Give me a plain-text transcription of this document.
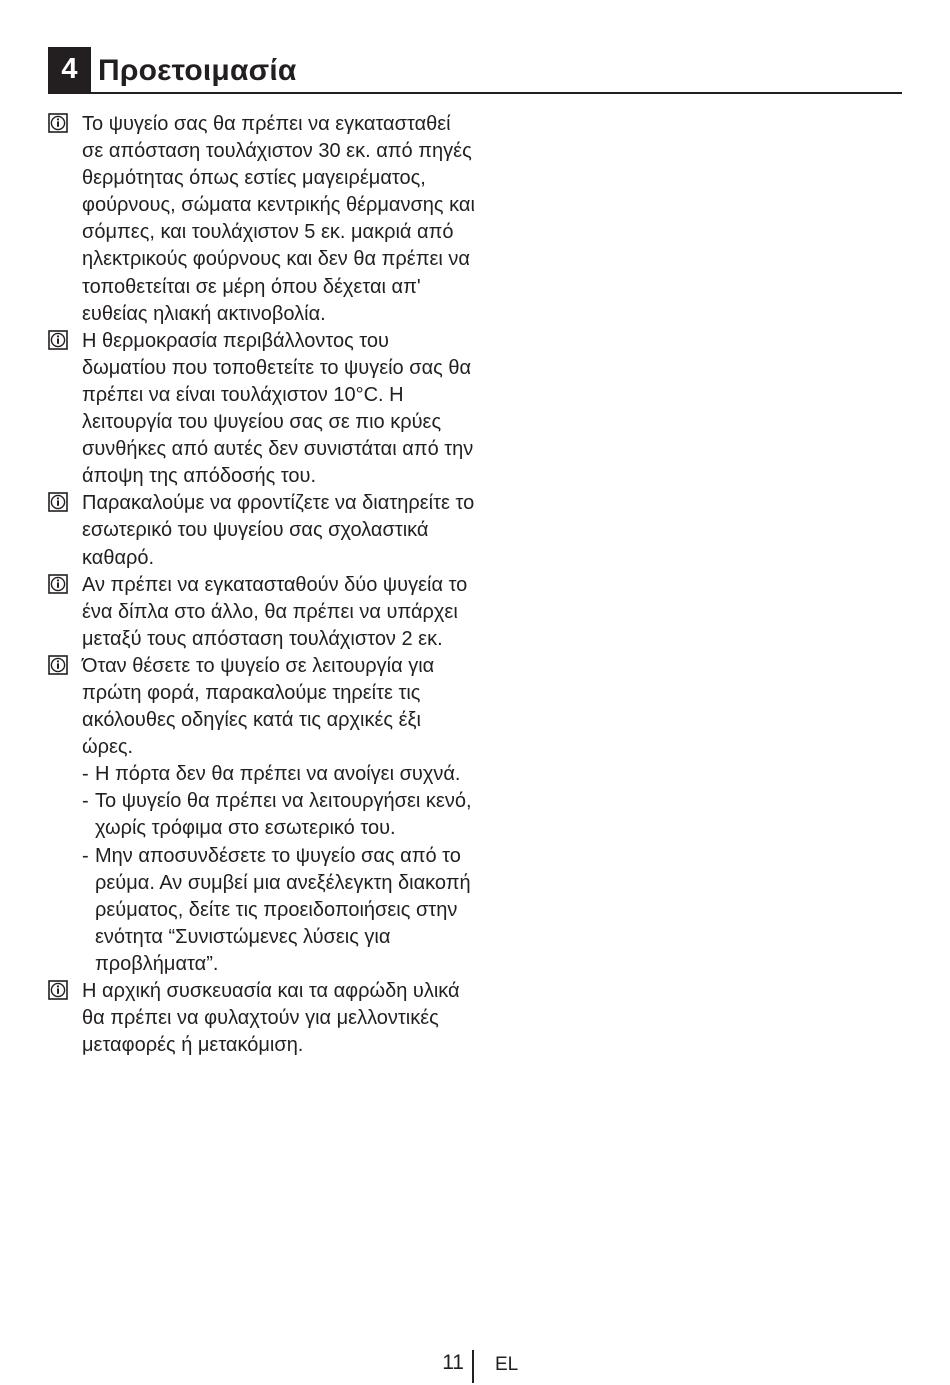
4 Προετοιμασία

Το ψυγείο σας θα πρέπει να εγκατασταθεί σε απόσταση τουλάχιστον 30 εκ. από πηγές θερμότητας όπως εστίες μαγειρέματος, φούρνους, σώματα κεντρικής θέρμανσης και σόμπες, και τουλάχιστον 5 εκ. μακριά από ηλεκτρικούς φούρνους και δεν θα πρέπει να τοποθετείται σε μέρη όπου δέχεται απ' ευθείας ηλιακή ακτινοβολία.

Η θερμοκρασία περιβάλλοντος του δωματίου που τοποθετείτε το ψυγείο σας θα πρέπει να είναι τουλάχιστον 10°C. Η λειτουργία του ψυγείου σας σε πιο κρύες συνθήκες από αυτές δεν συνιστάται από την άποψη της απόδοσής του.

Παρακαλούμε να φροντίζετε να διατηρείτε το εσωτερικό του ψυγείου σας σχολαστικά καθαρό.

Αν πρέπει να εγκατασταθούν δύο ψυγεία το ένα δίπλα στο άλλο, θα πρέπει να υπάρχει μεταξύ τους απόσταση τουλάχιστον 2 εκ.

Όταν θέσετε το ψυγείο σε λειτουργία για πρώτη φορά, παρακαλούμε τηρείτε τις ακόλουθες οδηγίες κατά τις αρχικές έξι ώρες.

- Η πόρτα δεν θα πρέπει να ανοίγει συχνά.
- Το ψυγείο θα πρέπει να λειτουργήσει κενό, χωρίς τρόφιμα στο εσωτερικό του.
- Μην αποσυνδέσετε το ψυγείο σας από το ρεύμα. Αν συμβεί μια ανεξέλεγκτη διακοπή ρεύματος, δείτε τις προειδοποιήσεις στην ενότητα “Συνιστώμενες λύσεις για προβλήματα”.

Η αρχική συσκευασία και τα αφρώδη υλικά θα πρέπει να φυλαχτούν για μελλοντικές μεταφορές ή μετακόμιση.

11 EL
